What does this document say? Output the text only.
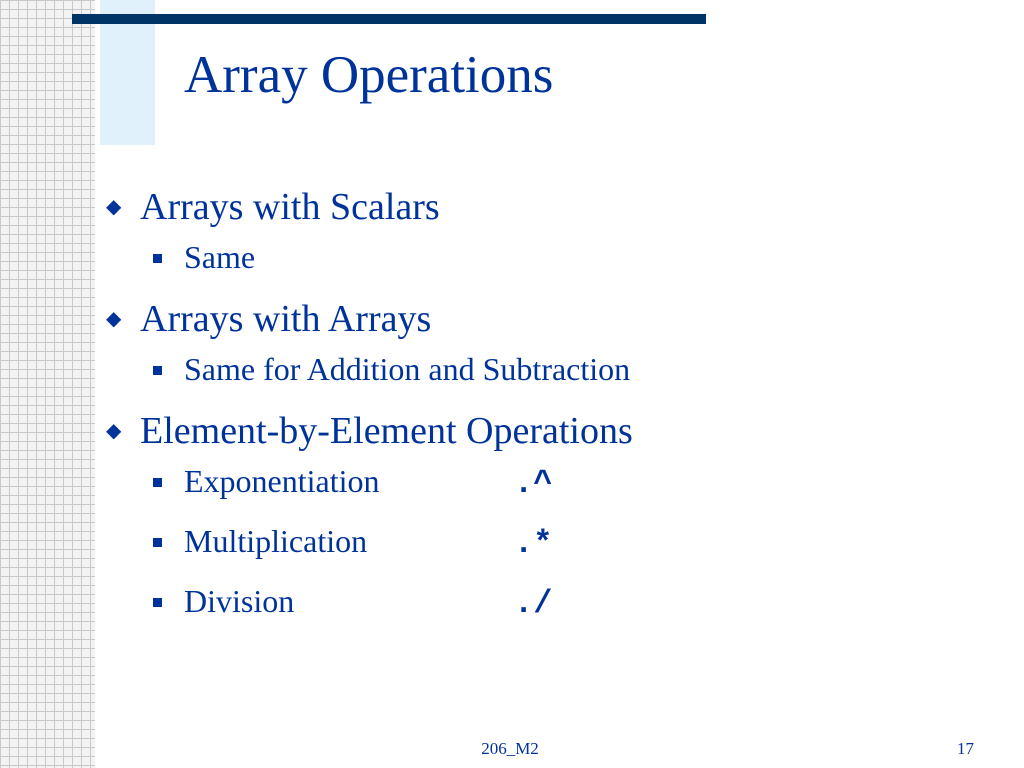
Array Operations
◆ Arrays with Scalars
Same
◆ Arrays with Arrays
Same for Addition and Subtraction
◆ Element-by-Element Operations
Exponentiation	.^
Multiplication	.*
Division	./
206_M2	17
